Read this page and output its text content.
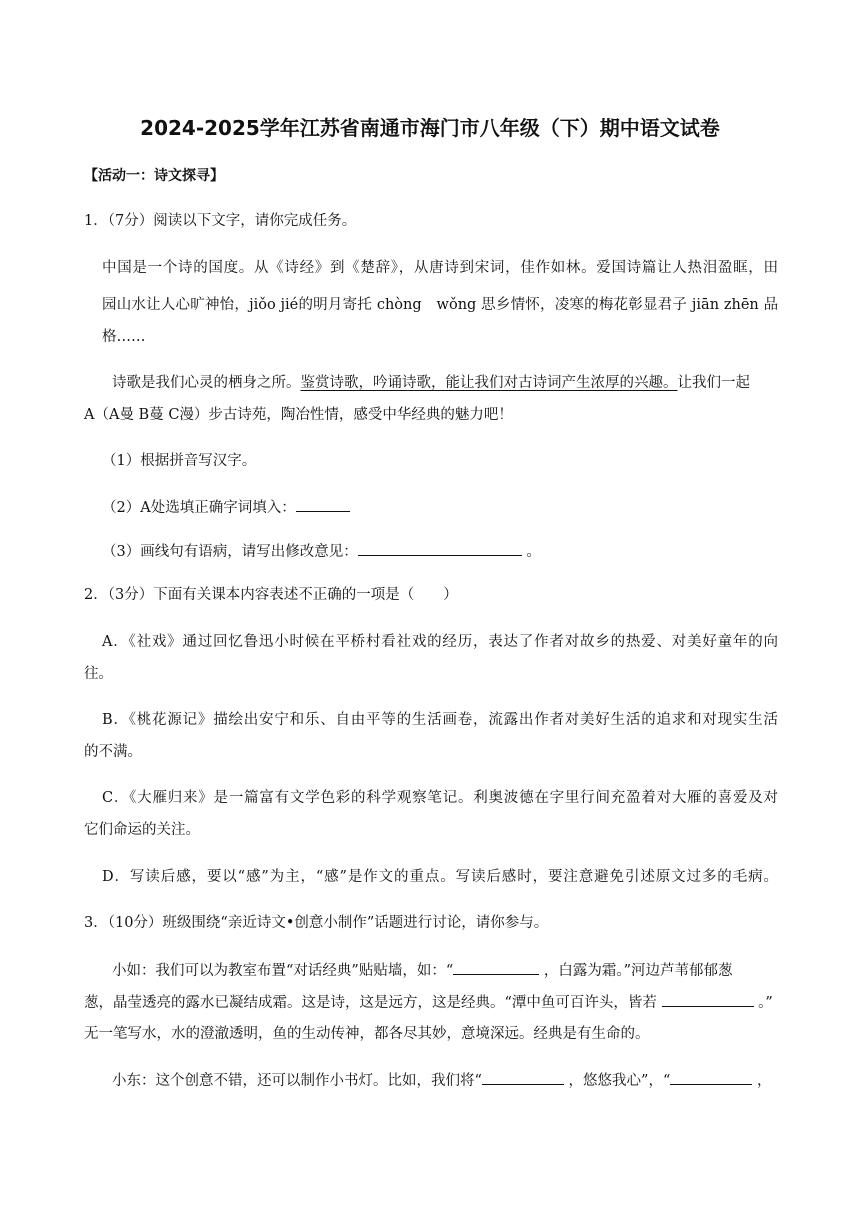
2024-2025学年江苏省南通市海门市八年级（下）期中语文试卷
【活动一：诗文探寻】
1．（7分）阅读以下文字，请你完成任务。
中国是一个诗的国度。从《诗经》到《楚辞》，从唐诗到宋词，佳作如林。爱国诗篇让人热泪盈眶，田
园山水让人心旷神怡，jiǒo jié的明月寄托 chòng　wǒng 思乡情怀，凌寒的梅花彰显君子 jiān zhēn 品
格……
诗歌是我们心灵的栖身之所。鉴赏诗歌，吟诵诗歌，能让我们对古诗词产生浓厚的兴趣。让我们一起
A（A曼 B蔓 C漫）步古诗苑，陶冶性情，感受中华经典的魅力吧！
（1）根据拼音写汉字。
（2）A处选填正确字词填入：
（3）画线句有语病，请写出修改意见：	。
2．（3分）下面有关课本内容表述不正确的一项是（　　）
A．《社戏》通过回忆鲁迅小时候在平桥村看社戏的经历，表达了作者对故乡的热爱、对美好童年的向
往。
B．《桃花源记》描绘出安宁和乐、自由平等的生活画卷，流露出作者对美好生活的追求和对现实生活
的不满。
C．《大雁归来》是一篇富有文学色彩的科学观察笔记。利奥波德在字里行间充盈着对大雁的喜爱及对
它们命运的关注。
D．写读后感，要以“感”为主，“感”是作文的重点。写读后感时，要注意避免引述原文过多的毛病。
3．（10分）班级围绕“亲近诗文•创意小制作”话题进行讨论，请你参与。
小如：我们可以为教室布置“对话经典”贴贴墙，如：“	，白露为霜。”河边芦苇郁郁葱
葱，晶莹透亮的露水已凝结成霜。这是诗，这是远方，这是经典。“潭中鱼可百许头，皆若	。”
无一笔写水，水的澄澈透明，鱼的生动传神，都各尽其妙，意境深远。经典是有生命的。
小东：这个创意不错，还可以制作小书灯。比如，我们将“	，悠悠我心”，“	，
